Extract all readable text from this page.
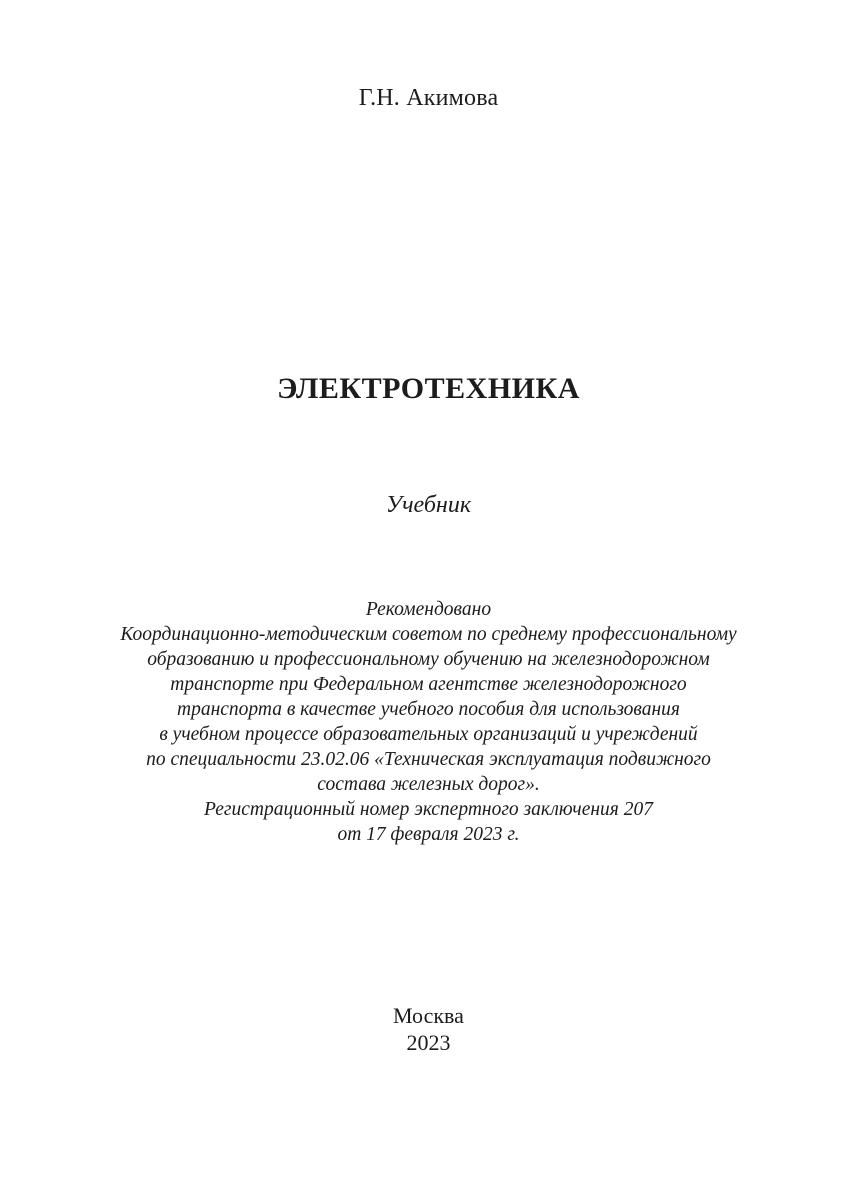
Г.Н. Акимова
ЭЛЕКТРОТЕХНИКА
Учебник
Рекомендовано
Координационно-методическим советом по среднему профессиональному
образованию и профессиональному обучению на железнодорожном
транспорте при Федеральном агентстве железнодорожного
транспорта в качестве учебного пособия для использования
в учебном процессе образовательных организаций и учреждений
по специальности 23.02.06 «Техническая эксплуатация подвижного
состава железных дорог».
Регистрационный номер экспертного заключения 207
от 17 февраля 2023 г.
Москва
2023
